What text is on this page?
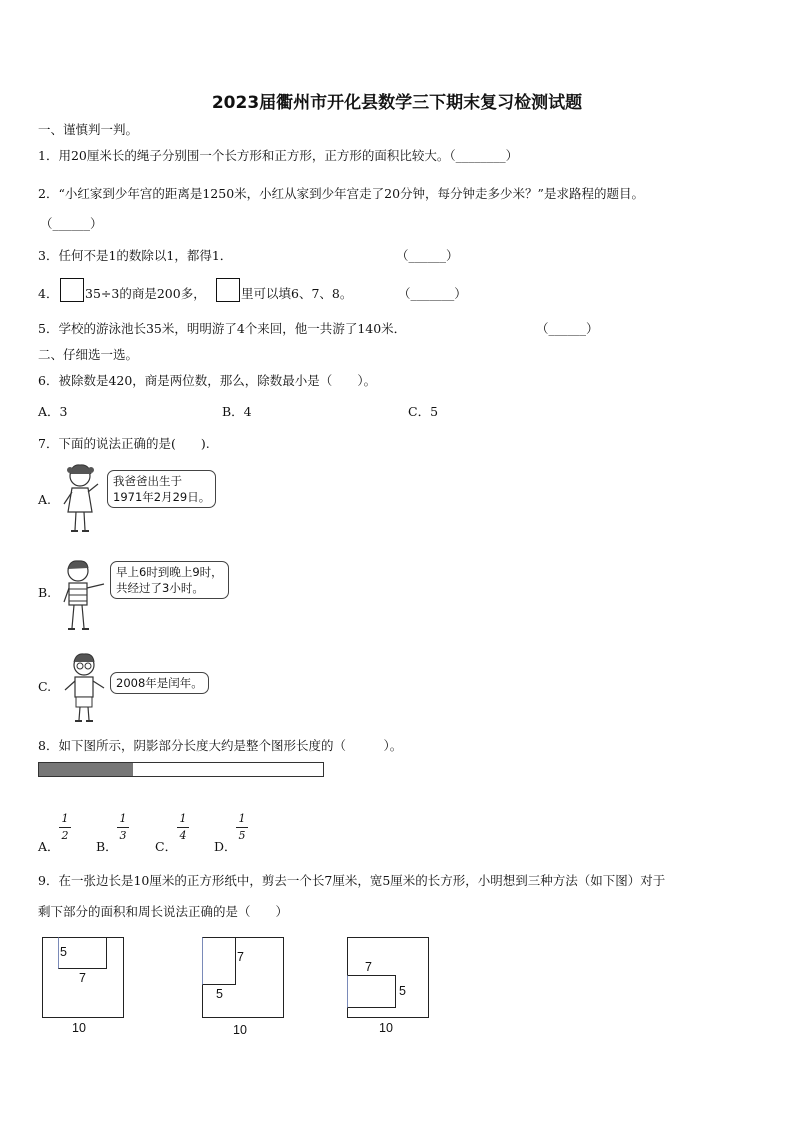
2023届衢州市开化县数学三下期末复习检测试题
一、谨慎判一判。
1．用20厘米长的绳子分别围一个长方形和正方形，正方形的面积比较大。（________）
2．“小红家到少年宫的距离是1250米，小红从家到少年宫走了20分钟，每分钟走多少米？”是求路程的题目。
（______）
3．任何不是1的数除以1，都得1．	（______）
4． 35÷3的商是200多，	里可以填6、7、8。	（_______）
5．学校的游泳池长35米，明明游了4个来回，他一共游了140米．	（______）
二、仔细选一选。
6．被除数是420，商是两位数，那么，除数最小是（　　）。
A．3	B．4	C．5
7．下面的说法正确的是(　　).
A.
我爸爸出生于
1971年2月29日。
B.
早上6时到晚上9时，
共经过了3小时。
C.	2008年是闰年。
8．如下图所示，阴影部分长度大约是整个图形长度的（　　　）。
A．
1
2
B．
1
3
C．
1
4
D．
1
5
9．在一张边长是10厘米的正方形纸中，剪去一个长7厘米，宽5厘米的长方形，小明想到三种方法（如下图）对于
剩下部分的面积和周长说法正确的是（　　）
5
7
10
7
5
10
7
5
10
